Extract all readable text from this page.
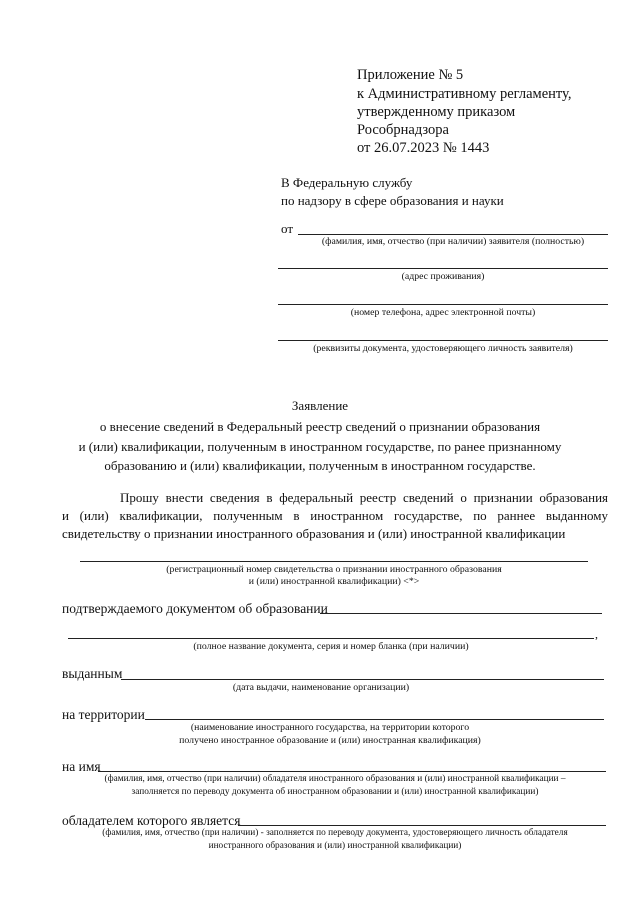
Приложение № 5
к Административному регламенту,
утвержденному приказом
Рособрнадзора
от 26.07.2023 № 1443
В Федеральную службу
по надзору в сфере образования и науки
от
(фамилия, имя, отчество (при наличии) заявителя (полностью)
(адрес проживания)
(номер телефона, адрес электронной почты)
(реквизиты документа, удостоверяющего личность заявителя)
Заявление
о внесение сведений в Федеральный реестр сведений о признании образования
и (или) квалификации, полученным в иностранном государстве, по ранее признанному
образованию и (или) квалификации, полученным в иностранном государстве.
Прошу внести сведения в федеральный реестр сведений о признании образования
и (или) квалификации, полученным в иностранном государстве, по раннее выданному
свидетельству о признании иностранного образования и (или) иностранной квалификации
(регистрационный номер свидетельства о признании иностранного образования
и (или) иностранной квалификации) <*>
подтверждаемого документом об образовании
,
(полное название документа, серия и номер бланка (при наличии)
выданным
(дата выдачи, наименование организации)
на территории
(наименование иностранного государства, на территории которого
получено иностранное образование и (или) иностранная квалификация)
на имя
(фамилия, имя, отчество (при наличии) обладателя иностранного образования и (или) иностранной квалификации –
заполняется по переводу документа об иностранном образовании и (или) иностранной квалификации)
обладателем которого является
(фамилия, имя, отчество (при наличии) - заполняется по переводу документа, удостоверяющего личность обладателя
иностранного образования и (или) иностранной квалификации)
